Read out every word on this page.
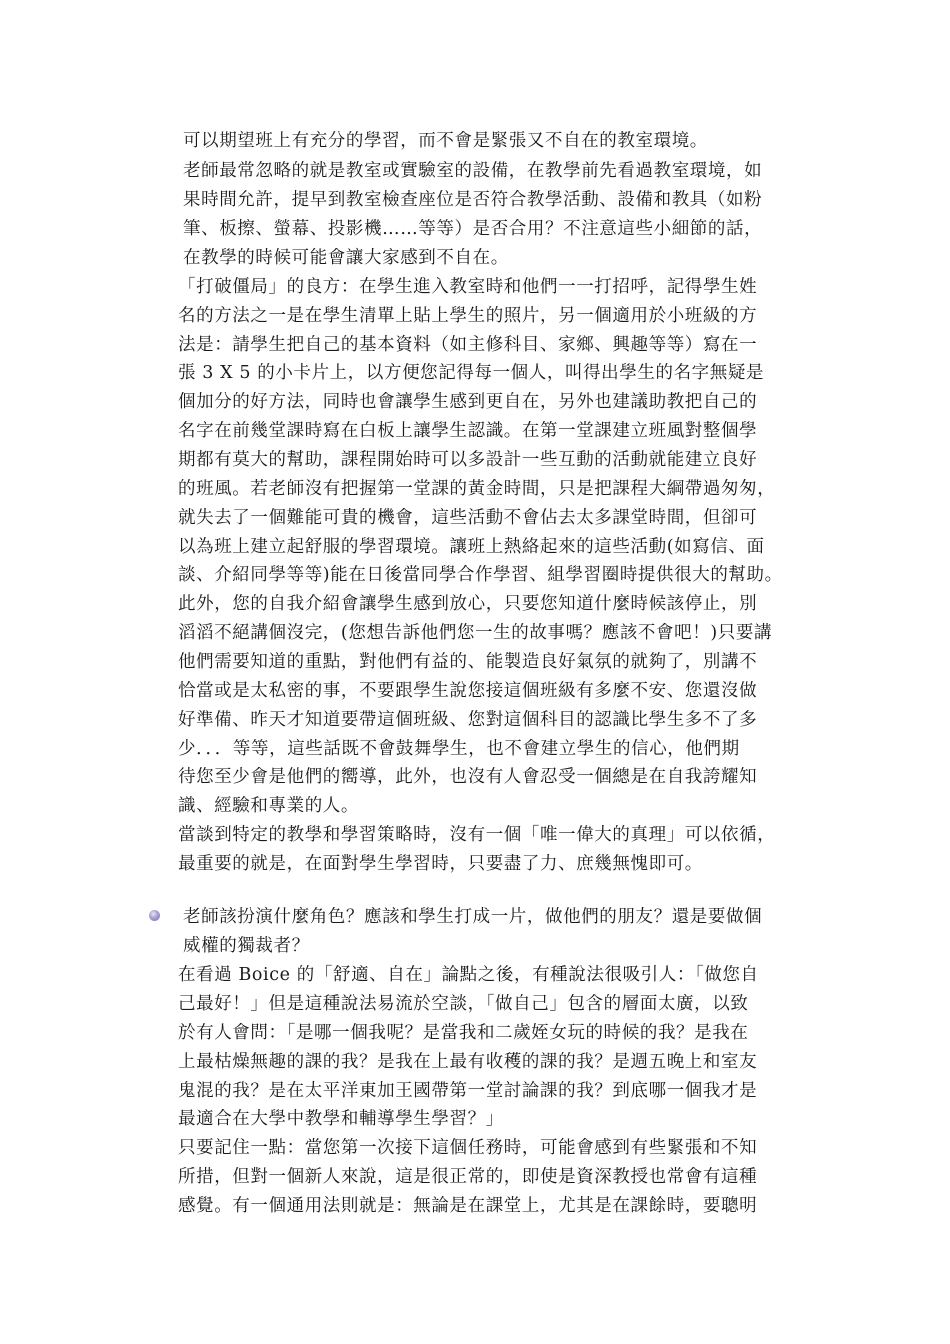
可以期望班上有充分的學習，而不會是緊張又不自在的教室環境。
老師最常忽略的就是教室或實驗室的設備，在教學前先看過教室環境，如
果時間允許，提早到教室檢查座位是否符合教學活動、設備和教具（如粉
筆、板擦、螢幕、投影機……等等）是否合用？不注意這些小細節的話，
在教學的時候可能會讓大家感到不自在。
「打破僵局」的良方：在學生進入教室時和他們一一打招呼，記得學生姓
名的方法之一是在學生清單上貼上學生的照片，另一個適用於小班級的方
法是：請學生把自己的基本資料（如主修科目、家鄉、興趣等等）寫在一
張 3 X 5 的小卡片上，以方便您記得每一個人，叫得出學生的名字無疑是
個加分的好方法，同時也會讓學生感到更自在，另外也建議助教把自己的
名字在前幾堂課時寫在白板上讓學生認識。在第一堂課建立班風對整個學
期都有莫大的幫助，課程開始時可以多設計一些互動的活動就能建立良好
的班風。若老師沒有把握第一堂課的黃金時間，只是把課程大綱帶過匆匆，
就失去了一個難能可貴的機會，這些活動不會佔去太多課堂時間，但卻可
以為班上建立起舒服的學習環境。讓班上熱絡起來的這些活動(如寫信、面
談、介紹同學等等)能在日後當同學合作學習、組學習圈時提供很大的幫助。
此外，您的自我介紹會讓學生感到放心，只要您知道什麼時候該停止，別
滔滔不絕講個沒完，(您想告訴他們您一生的故事嗎？應該不會吧！)只要講
他們需要知道的重點，對他們有益的、能製造良好氣氛的就夠了，別講不
恰當或是太私密的事，不要跟學生說您接這個班級有多麼不安、您還沒做
好準備、昨天才知道要帶這個班級、您對這個科目的認識比學生多不了多
少．．．等等，這些話既不會鼓舞學生，也不會建立學生的信心，他們期
待您至少會是他們的嚮導，此外，也沒有人會忍受一個總是在自我誇耀知
識、經驗和專業的人。
當談到特定的教學和學習策略時，沒有一個「唯一偉大的真理」可以依循，
最重要的就是，在面對學生學習時，只要盡了力、庶幾無愧即可。
老師該扮演什麼角色？應該和學生打成一片，做他們的朋友？還是要做個
威權的獨裁者？
在看過 Boice 的「舒適、自在」論點之後，有種說法很吸引人：「做您自
己最好！」但是這種說法易流於空談，「做自己」包含的層面太廣，以致
於有人會問：「是哪一個我呢？是當我和二歲姪女玩的時候的我？是我在
上最枯燥無趣的課的我？是我在上最有收穫的課的我？是週五晚上和室友
鬼混的我？是在太平洋東加王國帶第一堂討論課的我？到底哪一個我才是
最適合在大學中教學和輔導學生學習？」
只要記住一點：當您第一次接下這個任務時，可能會感到有些緊張和不知
所措，但對一個新人來說，這是很正常的，即使是資深教授也常會有這種
感覺。有一個通用法則就是：無論是在課堂上，尤其是在課餘時，要聰明
